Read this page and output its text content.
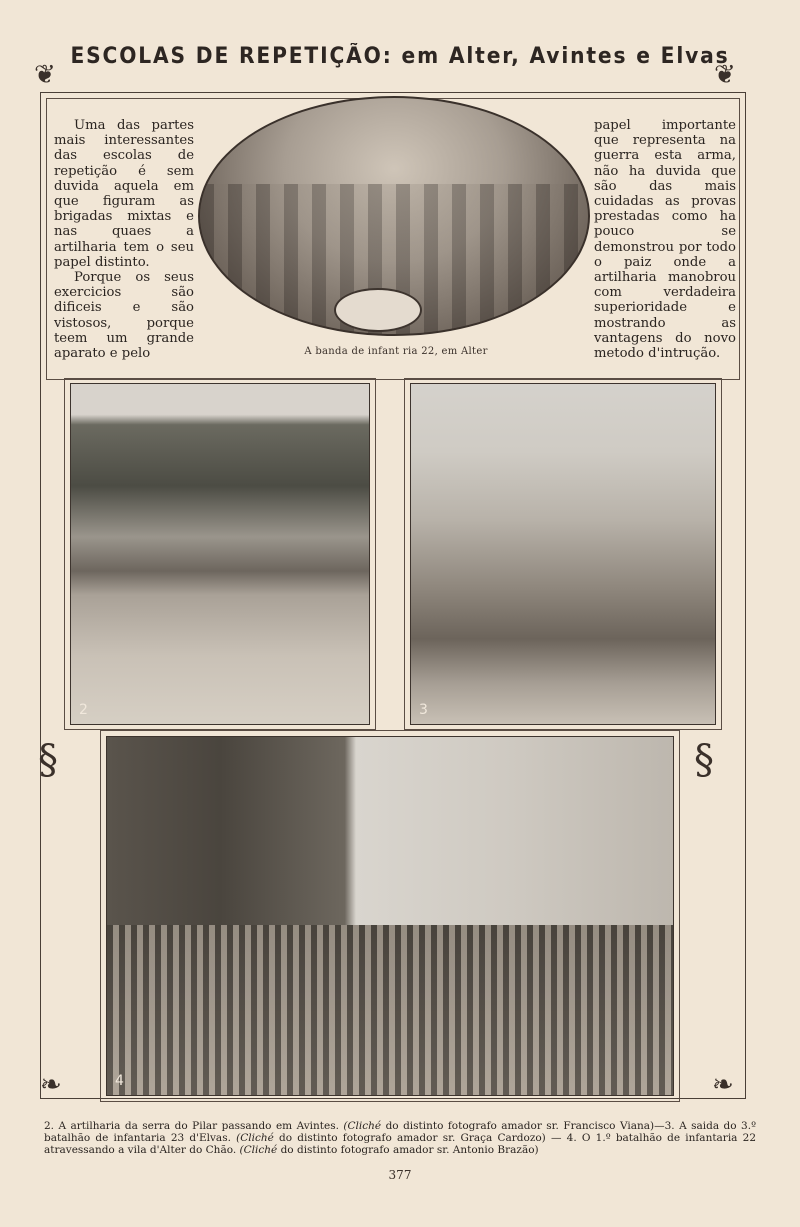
ESCOLAS DE REPETIÇÃO: em Alter, Avintes e Elvas
❦	❦
§	§
❧	❧

Uma das partes mais interessantes das escolas de repetição é sem duvida aquela em que figuram as brigadas mixtas e nas quaes a artilharia tem o seu papel distinto.

Porque os seus exercicios são dificeis e são vistosos, porque teem um grande aparato e pelo

papel importante que representa na guerra esta arma, não ha duvida que são das mais cuidadas as provas prestadas como ha pouco se demonstrou por todo o paiz onde a artilharia manobrou com verdadeira superioridade e mostrando as vantagens do novo metodo d'intrução.

A banda de infant ria 22, em Alter
2	3
4
2. A artilharia da serra do Pilar passando em Avintes. (Cliché do distinto fotografo amador sr. Francisco Viana)—3. A saida do 3.º batalhão de infantaria 23 d'Elvas. (Cliché do distinto fotografo amador sr. Graça Cardozo) — 4. O 1.º batalhão de infantaria 22 atravessando a vila d'Alter do Chão. (Cliché do distinto fotografo amador sr. Antonio Brazão)
377
